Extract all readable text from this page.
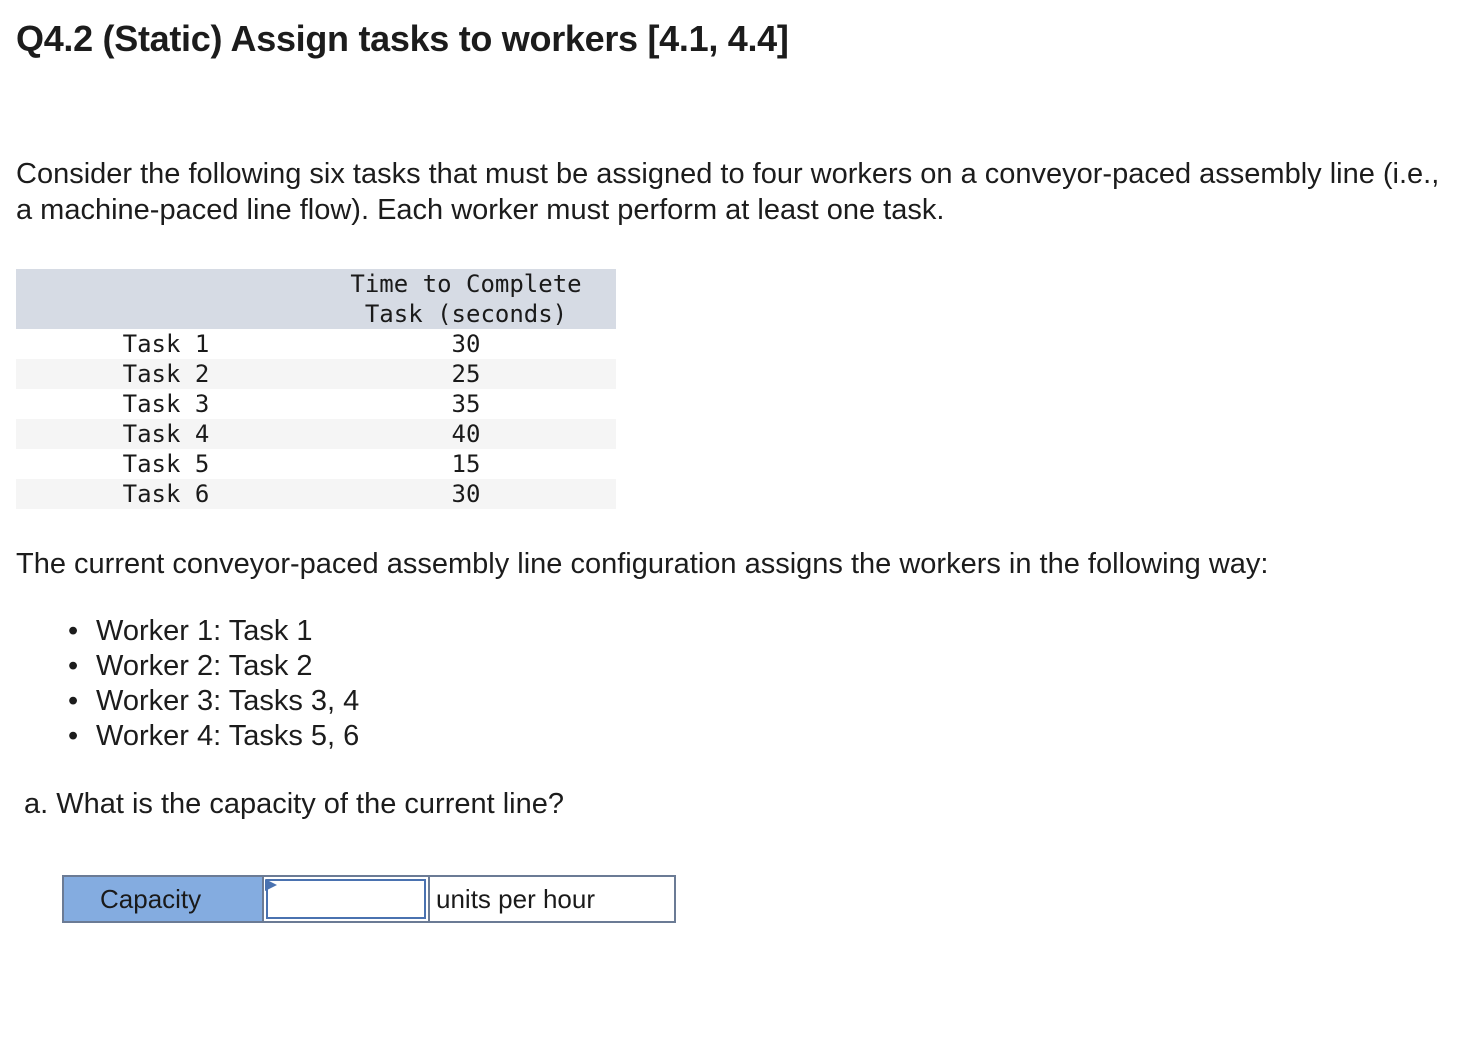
Q4.2 (Static) Assign tasks to workers [4.1, 4.4]

Consider the following six tasks that must be assigned to four workers on a conveyor-paced assembly line (i.e., a machine-paced line flow). Each worker must perform at least one task.

	Time to Complete
Task (seconds)

Task 1	30
Task 2	25
Task 3	35
Task 4	40
Task 5	15
Task 6	30

The current conveyor-paced assembly line configuration assigns the workers in the following way:

• Worker 1: Task 1
• Worker 2: Task 2
• Worker 3: Tasks 3, 4
• Worker 4: Tasks 5, 6

a. What is the capacity of the current line?

Capacity	units per hour
